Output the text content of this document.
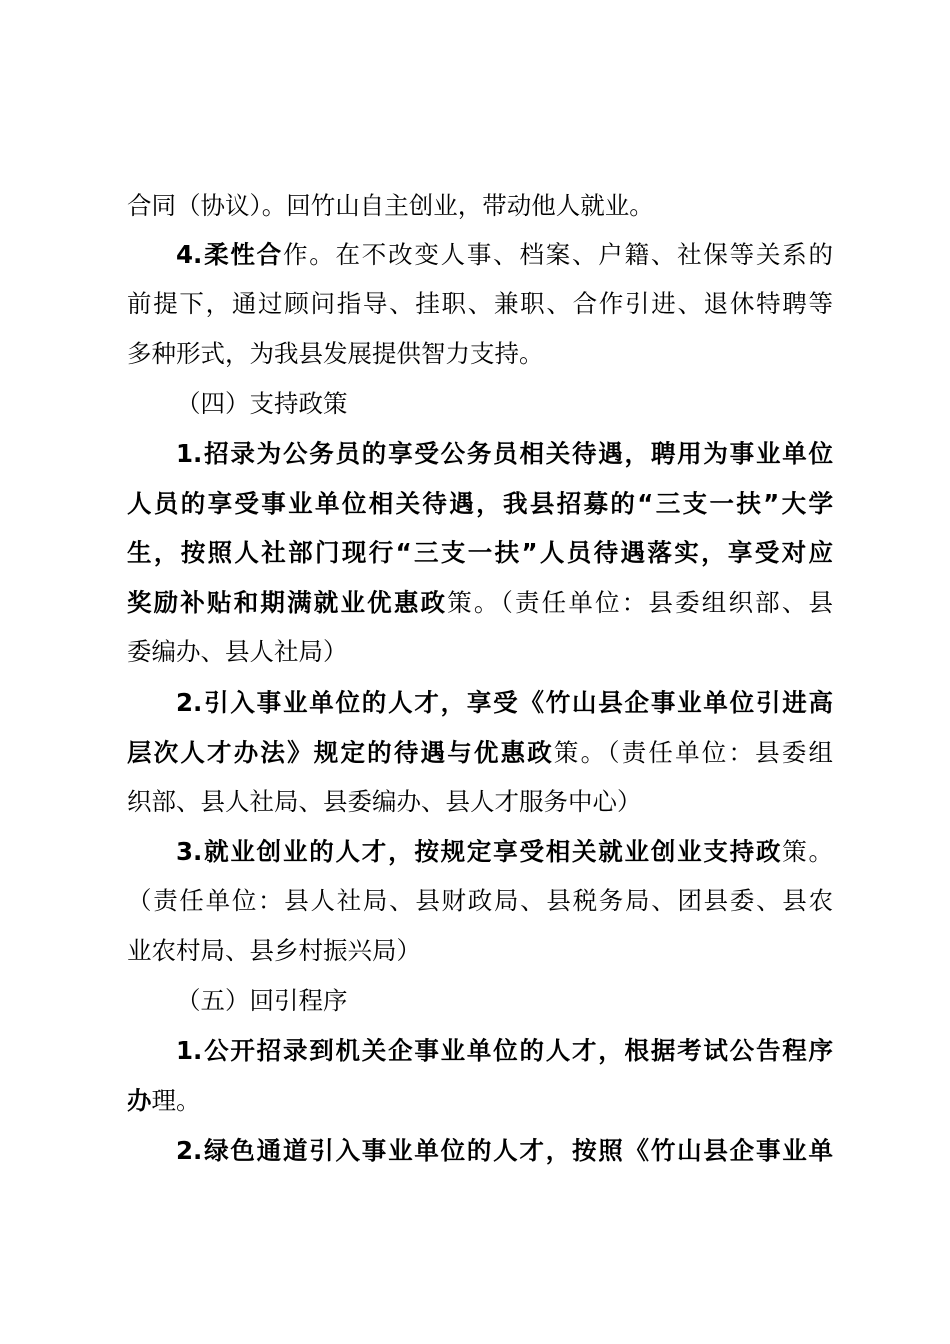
合同（协议）。回竹山自主创业，带动他人就业。
4.柔性合作。在不改变人事、档案、户籍、社保等关系的
前提下，通过顾问指导、挂职、兼职、合作引进、退休特聘等
多种形式，为我县发展提供智力支持。
（四）支持政策
1.招录为公务员的享受公务员相关待遇，聘用为事业单位
人员的享受事业单位相关待遇，我县招募的“三支一扶”大学
生，按照人社部门现行“三支一扶”人员待遇落实，享受对应
奖励补贴和期满就业优惠政策。（责任单位：县委组织部、县
委编办、县人社局）
2.引入事业单位的人才，享受《竹山县企事业单位引进高
层次人才办法》规定的待遇与优惠政策。（责任单位：县委组
织部、县人社局、县委编办、县人才服务中心）
3.就业创业的人才，按规定享受相关就业创业支持政策。
（责任单位：县人社局、县财政局、县税务局、团县委、县农
业农村局、县乡村振兴局）
（五）回引程序
1.公开招录到机关企事业单位的人才，根据考试公告程序
办理。
2.绿色通道引入事业单位的人才，按照《竹山县企事业单
